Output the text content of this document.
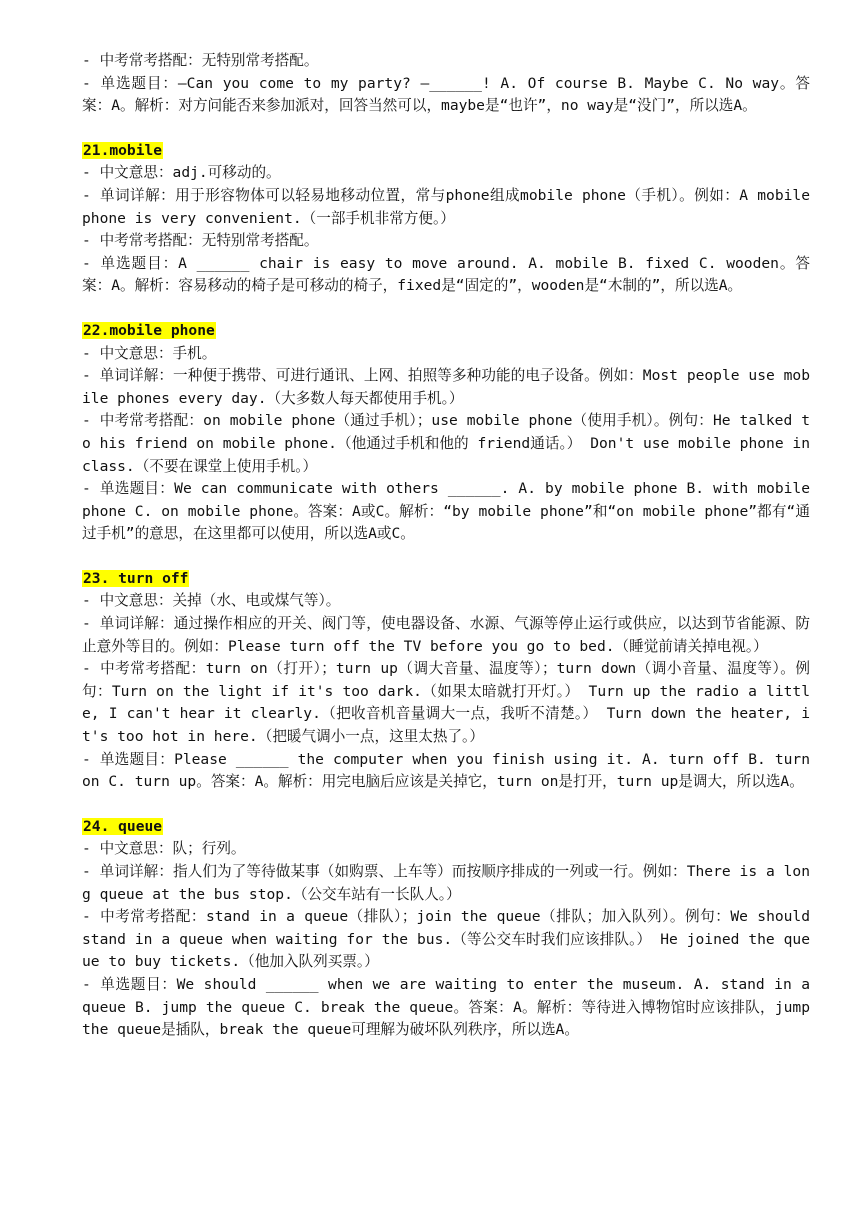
- 中考常考搭配：无特别常考搭配。
- 单选题目：—Can you come to my party? —______! A. Of course B. Maybe C. No way。答案：A。解析：对方问能否来参加派对，回答当然可以，maybe是“也许”，no way是“没门”，所以选A。
21.mobile
- 中文意思：adj.可移动的。
- 单词详解：用于形容物体可以轻易地移动位置，常与phone组成mobile phone（手机）。例如：A mobile phone is very convenient.（一部手机非常方便。）
- 中考常考搭配：无特别常考搭配。
- 单选题目：A ______ chair is easy to move around. A. mobile B. fixed C. wooden。答案：A。解析：容易移动的椅子是可移动的椅子，fixed是“固定的”，wooden是“木制的”，所以选A。
22.mobile phone
- 中文意思：手机。
- 单词详解：一种便于携带、可进行通讯、上网、拍照等多种功能的电子设备。例如：Most people use mobile phones every day.（大多数人每天都使用手机。）
- 中考常考搭配：on mobile phone（通过手机）；use mobile phone（使用手机）。例句：He talked to his friend on mobile phone.（他通过手机和他的 friend通话。） Don't use mobile phone in class.（不要在课堂上使用手机。）
- 单选题目：We can communicate with others ______. A. by mobile phone B. with mobile phone C. on mobile phone。答案：A或C。解析：“by mobile phone”和“on mobile phone”都有“通过手机”的意思，在这里都可以使用，所以选A或C。
23. turn off
- 中文意思：关掉（水、电或煤气等）。
- 单词详解：通过操作相应的开关、阀门等，使电器设备、水源、气源等停止运行或供应，以达到节省能源、防止意外等目的。例如：Please turn off the TV before you go to bed.（睡觉前请关掉电视。）
- 中考常考搭配：turn on（打开）；turn up（调大音量、温度等）；turn down（调小音量、温度等）。例句：Turn on the light if it's too dark.（如果太暗就打开灯。） Turn up the radio a little, I can't hear it clearly.（把收音机音量调大一点，我听不清楚。） Turn down the heater, it's too hot in here.（把暖气调小一点，这里太热了。）
- 单选题目：Please ______ the computer when you finish using it. A. turn off B. turn on C. turn up。答案：A。解析：用完电脑后应该是关掉它，turn on是打开，turn up是调大，所以选A。
24. queue
- 中文意思：队；行列。
- 单词详解：指人们为了等待做某事（如购票、上车等）而按顺序排成的一列或一行。例如：There is a long queue at the bus stop.（公交车站有一长队人。）
- 中考常考搭配：stand in a queue（排队）；join the queue（排队；加入队列）。例句：We should stand in a queue when waiting for the bus.（等公交车时我们应该排队。） He joined the queue to buy tickets.（他加入队列买票。）
- 单选题目：We should ______ when we are waiting to enter the museum. A. stand in a queue B. jump the queue C. break the queue。答案：A。解析：等待进入博物馆时应该排队，jump the queue是插队，break the queue可理解为破坏队列秩序，所以选A。
